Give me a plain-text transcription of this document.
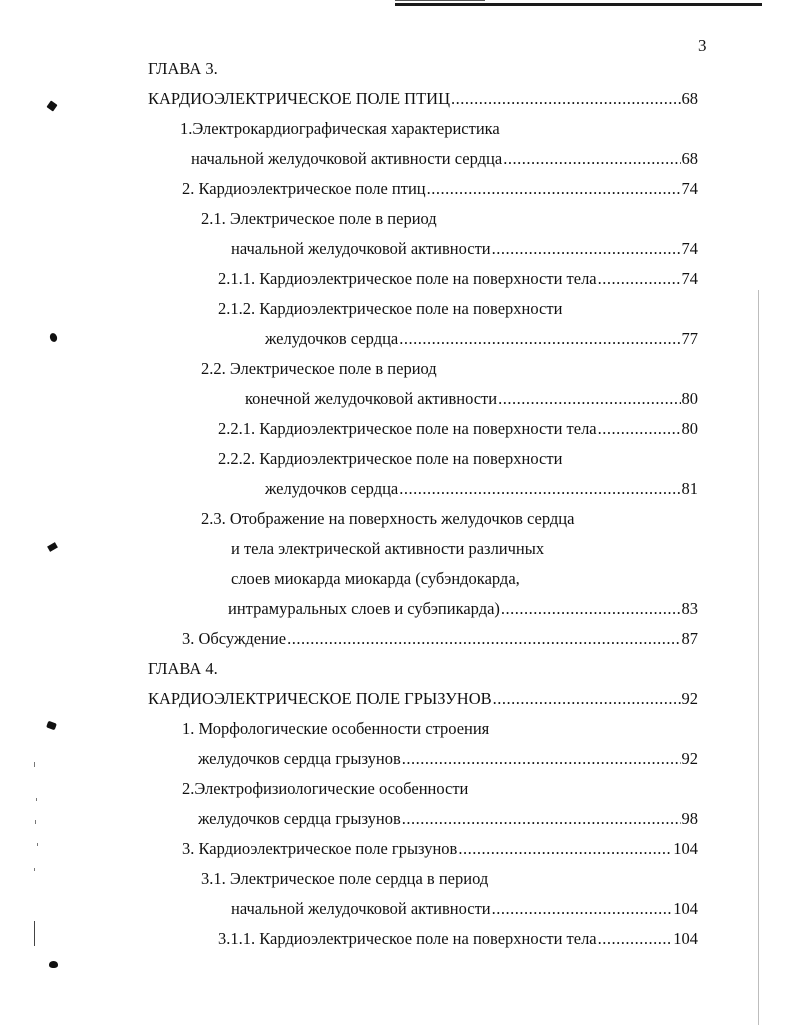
3
ГЛАВА 3.
КАРДИОЭЛЕКТРИЧЕСКОЕ ПОЛЕ ПТИЦ .....	68
1.Электрокардиографическая характеристика
начальной желудочковой активности сердца .....	68
2. Кардиоэлектрическое поле птиц .....	74
2.1. Электрическое поле в период
начальной желудочковой активности .....	74
2.1.1. Кардиоэлектрическое поле на поверхности тела .....	74
2.1.2. Кардиоэлектрическое поле на поверхности
желудочков сердца .....	77
2.2. Электрическое поле в период
конечной желудочковой активности .....	80
2.2.1. Кардиоэлектрическое поле на поверхности тела .....	80
2.2.2. Кардиоэлектрическое поле на поверхности
желудочков сердца .....	81
2.3. Отображение на поверхность желудочков сердца
и тела электрической активности различных
слоев миокарда миокарда (субэндокарда,
интрамуральных слоев и субэпикарда) .....	83
3. Обсуждение .....	87
ГЛАВА 4.
КАРДИОЭЛЕКТРИЧЕСКОЕ ПОЛЕ ГРЫЗУНОВ .....	92
1. Морфологические особенности строения
желудочков сердца грызунов .....	92
2.Электрофизиологические особенности
желудочков сердца грызунов .....	98
3. Кардиоэлектрическое поле грызунов .....	104
3.1. Электрическое поле сердца в период
начальной желудочковой активности .....	104
3.1.1. Кардиоэлектрическое поле на поверхности тела .....	104
